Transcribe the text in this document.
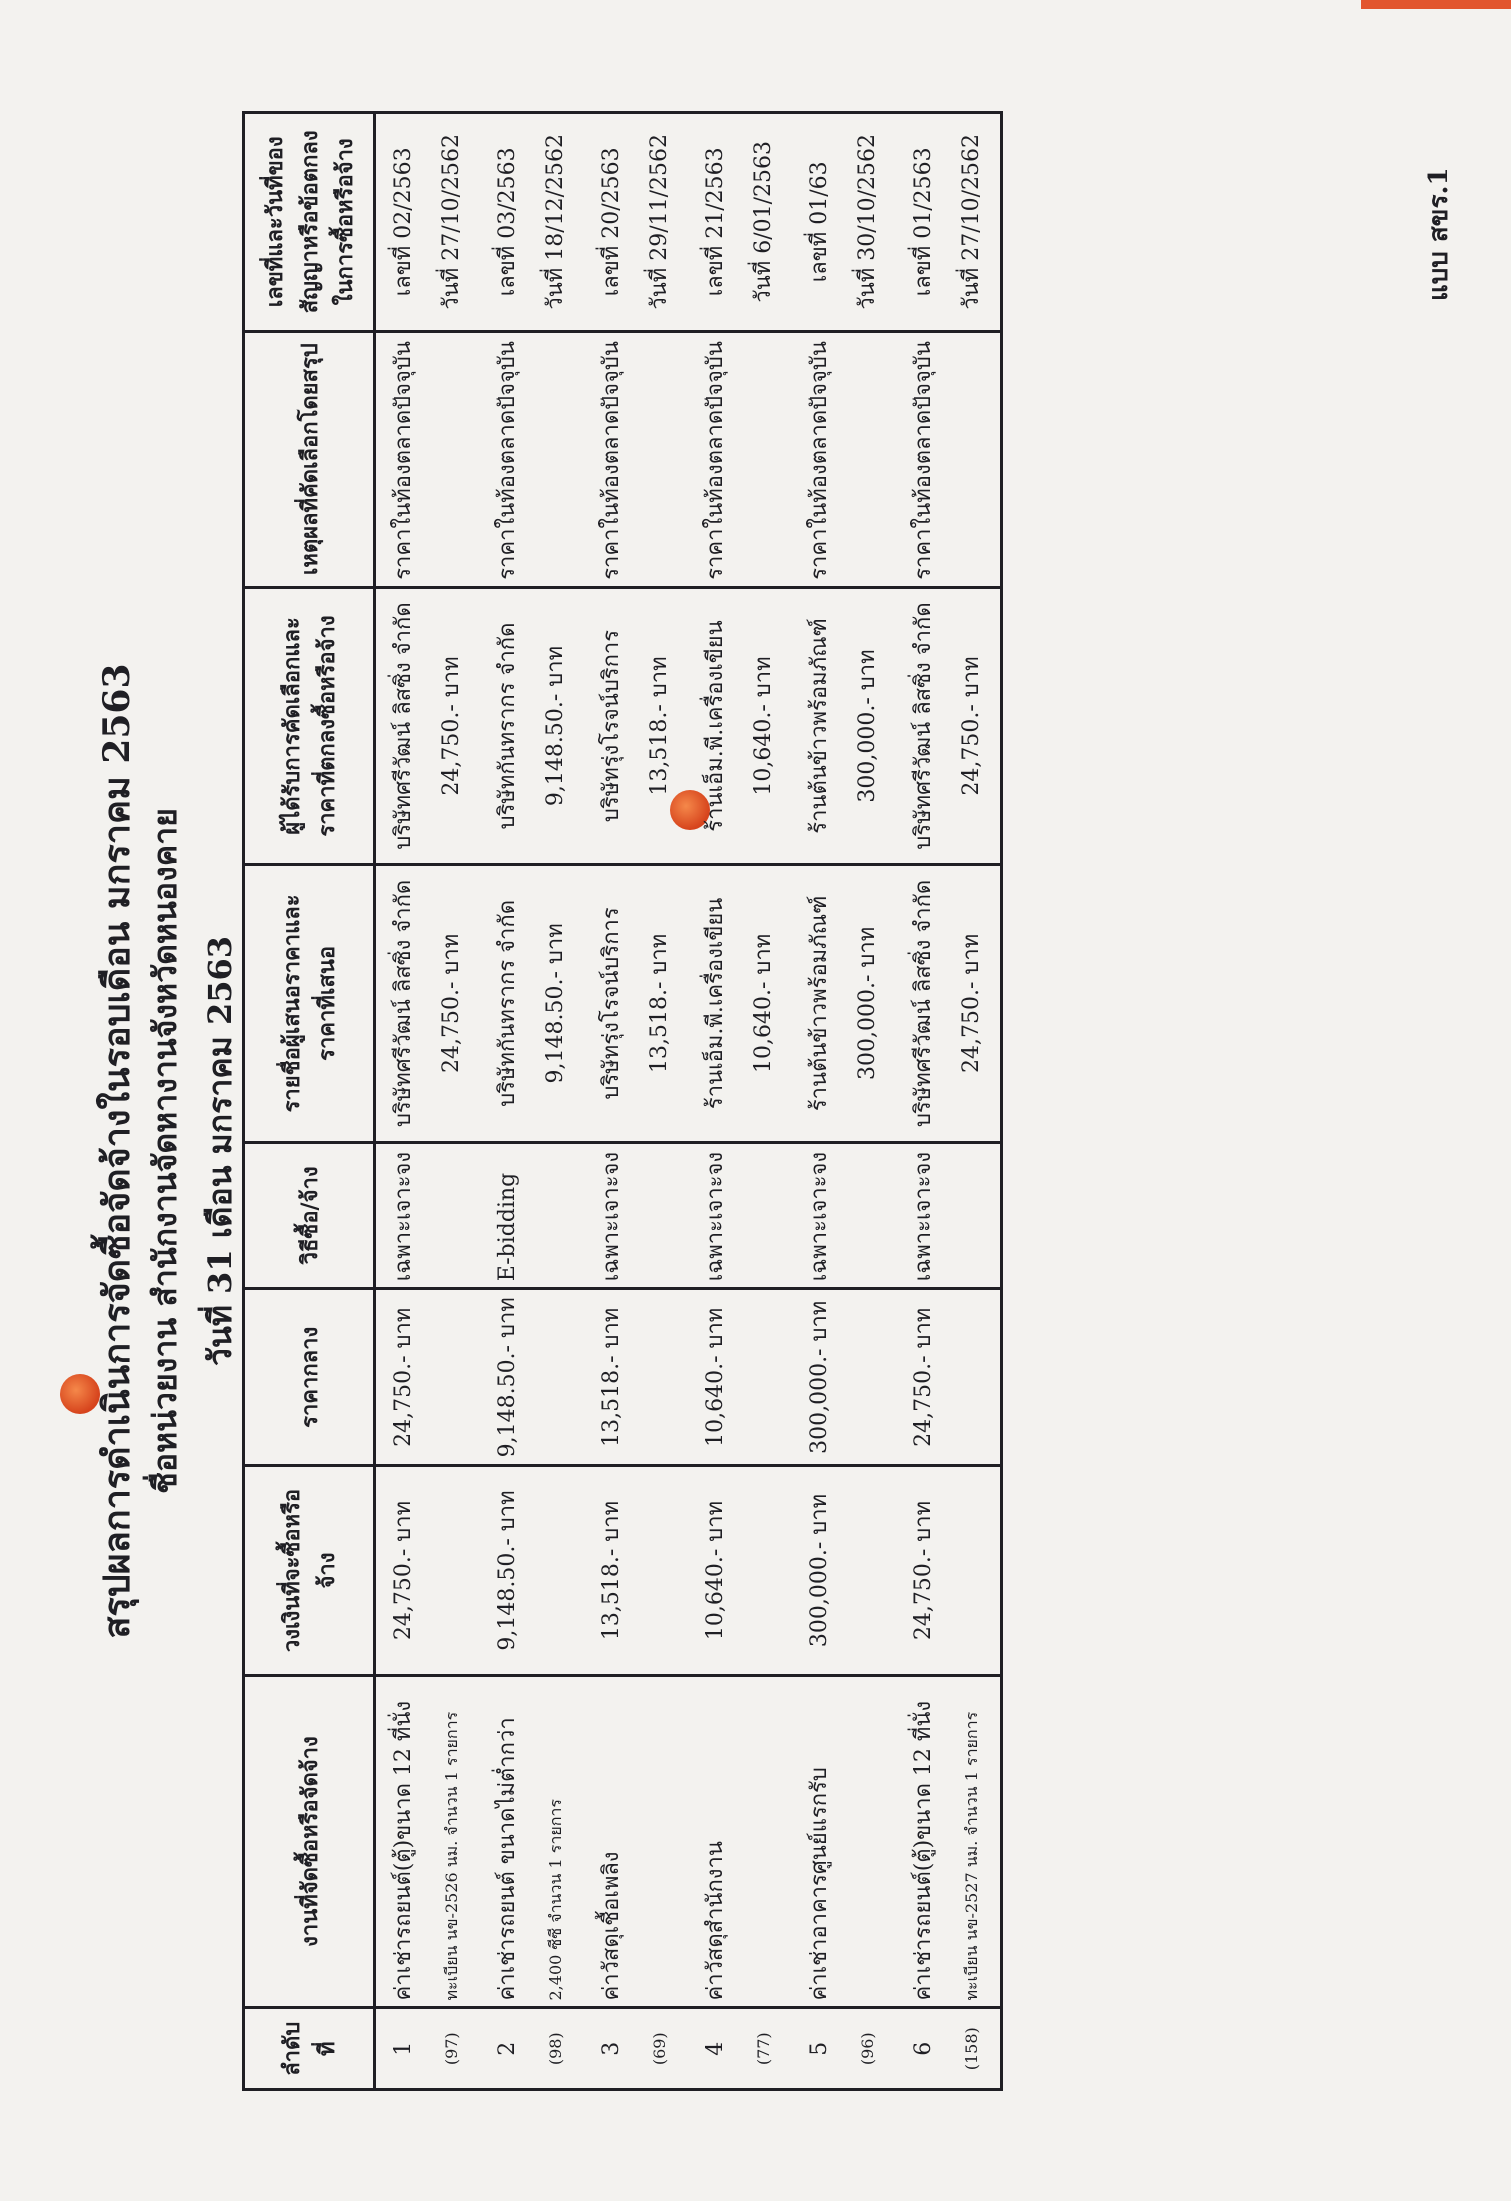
แบบ สขร.1
สรุปผลการดำเนินการจัดซื้อจัดจ้างในรอบเดือน มกราคม 2563 ชื่อหน่วยงาน สำนักงานจัดหางานจังหวัดหนองคาย วันที่ 31 เดือน มกราคม 2563
ลำดับที่	งานที่จัดซื้อหรือจัดจ้าง	วงเงินที่จะซื้อหรือจ้าง	ราคากลาง	วิธีซื้อ/จ้าง	รายชื่อผู้เสนอราคาและราคาที่เสนอ	ผู้ได้รับการคัดเลือกและราคาที่ตกลงซื้อหรือจ้าง	เหตุผลที่คัดเลือกโดยสรุป	เลขที่และวันที่ของสัญญาหรือข้อตกลงในการซื้อหรือจ้าง

1 (97)	ค่าเช่ารถยนต์(ตู้)ขนาด 12 ที่นั่ง ทะเบียน นข-2526 นม. จำนวน 1 รายการ	24,750.- บาท	24,750.- บาท	เฉพาะเจาะจง	บริษัทศรีวัฒน์ ลิสซิ่ง จำกัด 24,750.- บาท	บริษัทศรีวัฒน์ ลิสซิ่ง จำกัด 24,750.- บาท	ราคาในท้องตลาดปัจจุบัน	เลขที่ 02/2563 วันที่ 27/10/2562

2 (98)	ค่าเช่ารถยนต์ ขนาดไม่ต่ำกว่า 2,400 ซีซี จำนวน 1 รายการ	9,148.50.- บาท	9,148.50.- บาท	E-bidding	บริษัทกันทรากร จำกัด 9,148.50.- บาท	บริษัทกันทรากร จำกัด 9,148.50.- บาท	ราคาในท้องตลาดปัจจุบัน	เลขที่ 03/2563 วันที่ 18/12/2562

3 (69)	ค่าวัสดุเชื้อเพลิง	13,518.- บาท	13,518.- บาท	เฉพาะเจาะจง	บริษัทรุ่งโรจน์บริการ 13,518.- บาท	บริษัทรุ่งโรจน์บริการ 13,518.- บาท	ราคาในท้องตลาดปัจจุบัน	เลขที่ 20/2563 วันที่ 29/11/2562

4 (77)	ค่าวัสดุสำนักงาน	10,640.- บาท	10,640.- บาท	เฉพาะเจาะจง	ร้านเอ็ม.พี.เครื่องเขียน 10,640.- บาท	ร้านเอ็ม.พี.เครื่องเขียน 10,640.- บาท	ราคาในท้องตลาดปัจจุบัน	เลขที่ 21/2563 วันที่ 6/01/2563

5 (96)	ค่าเช่าอาคารศูนย์แรกรับ	300,000.- บาท	300,000.- บาท	เฉพาะเจาะจง	ร้านต้นข้าวพร้อมภัณฑ์ 300,000.- บาท	ร้านต้นข้าวพร้อมภัณฑ์ 300,000.- บาท	ราคาในท้องตลาดปัจจุบัน	เลขที่ 01/63 วันที่ 30/10/2562

6 (158)	ค่าเช่ารถยนต์(ตู้)ขนาด 12 ที่นั่ง ทะเบียน นข-2527 นม. จำนวน 1 รายการ	24,750.- บาท	24,750.- บาท	เฉพาะเจาะจง	บริษัทศรีวัฒน์ ลิสซิ่ง จำกัด 24,750.- บาท	บริษัทศรีวัฒน์ ลิสซิ่ง จำกัด 24,750.- บาท	ราคาในท้องตลาดปัจจุบัน	เลขที่ 01/2563 วันที่ 27/10/2562
